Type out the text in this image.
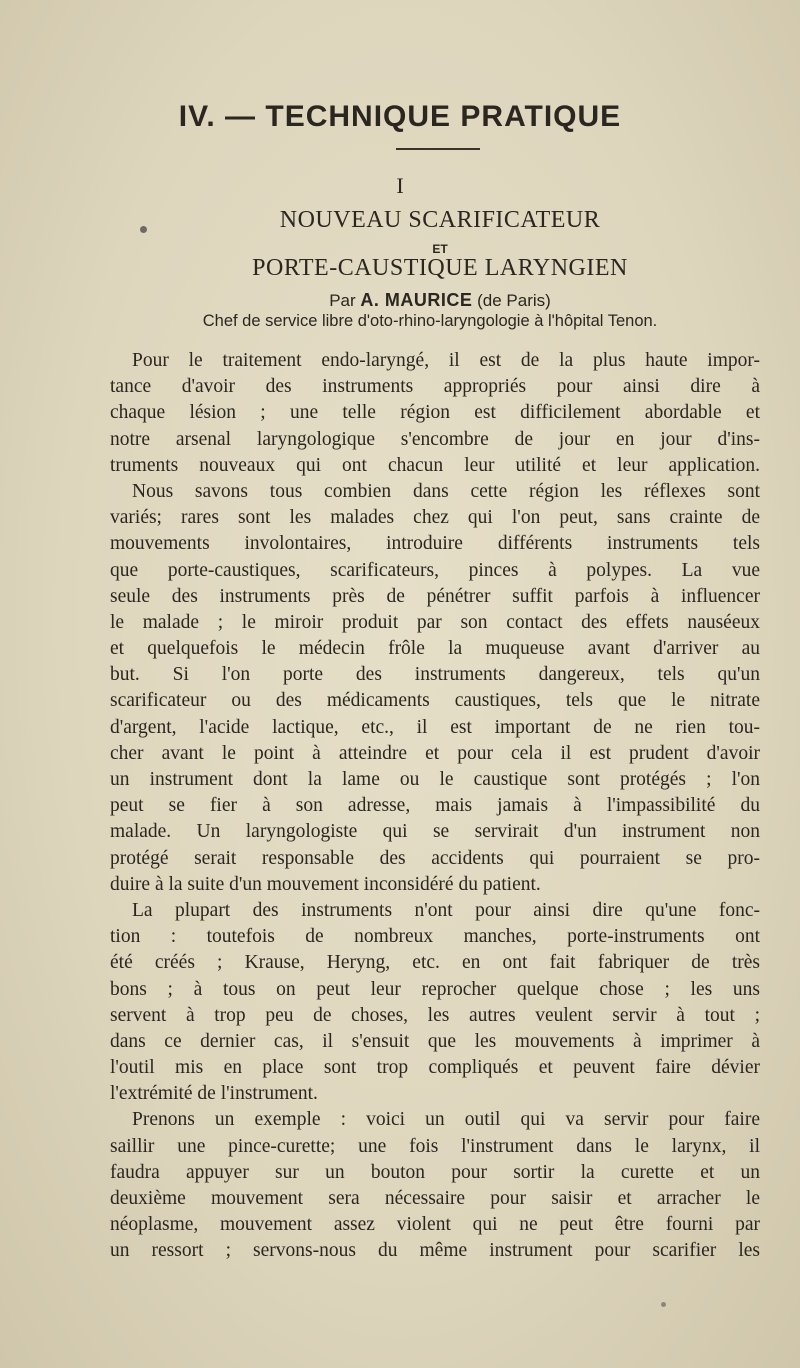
IV. — TECHNIQUE PRATIQUE
I
NOUVEAU SCARIFICATEUR
ET
PORTE-CAUSTIQUE LARYNGIEN
Par A. MAURICE (de Paris)
Chef de service libre d'oto-rhino-laryngologie à l'hôpital Tenon.
Pour le traitement endo-laryngé, il est de la plus haute impor-
tance d'avoir des instruments appropriés pour ainsi dire à
chaque lésion ; une telle région est difficilement abordable et
notre arsenal laryngologique s'encombre de jour en jour d'ins-
truments nouveaux qui ont chacun leur utilité et leur application.
Nous savons tous combien dans cette région les réflexes sont
variés; rares sont les malades chez qui l'on peut, sans crainte de
mouvements involontaires, introduire différents instruments tels
que porte-caustiques, scarificateurs, pinces à polypes. La vue
seule des instruments près de pénétrer suffit parfois à influencer
le malade ; le miroir produit par son contact des effets nauséeux
et quelquefois le médecin frôle la muqueuse avant d'arriver au
but. Si l'on porte des instruments dangereux, tels qu'un
scarificateur ou des médicaments caustiques, tels que le nitrate
d'argent, l'acide lactique, etc., il est important de ne rien tou-
cher avant le point à atteindre et pour cela il est prudent d'avoir
un instrument dont la lame ou le caustique sont protégés ; l'on
peut se fier à son adresse, mais jamais à l'impassibilité du
malade. Un laryngologiste qui se servirait d'un instrument non
protégé serait responsable des accidents qui pourraient se pro-
duire à la suite d'un mouvement inconsidéré du patient.
La plupart des instruments n'ont pour ainsi dire qu'une fonc-
tion : toutefois de nombreux manches, porte-instruments ont
été créés ; Krause, Heryng, etc. en ont fait fabriquer de très
bons ; à tous on peut leur reprocher quelque chose ; les uns
servent à trop peu de choses, les autres veulent servir à tout ;
dans ce dernier cas, il s'ensuit que les mouvements à imprimer à
l'outil mis en place sont trop compliqués et peuvent faire dévier
l'extrémité de l'instrument.
Prenons un exemple : voici un outil qui va servir pour faire
saillir une pince-curette; une fois l'instrument dans le larynx, il
faudra appuyer sur un bouton pour sortir la curette et un
deuxième mouvement sera nécessaire pour saisir et arracher le
néoplasme, mouvement assez violent qui ne peut être fourni par
un ressort ; servons-nous du même instrument pour scarifier les
